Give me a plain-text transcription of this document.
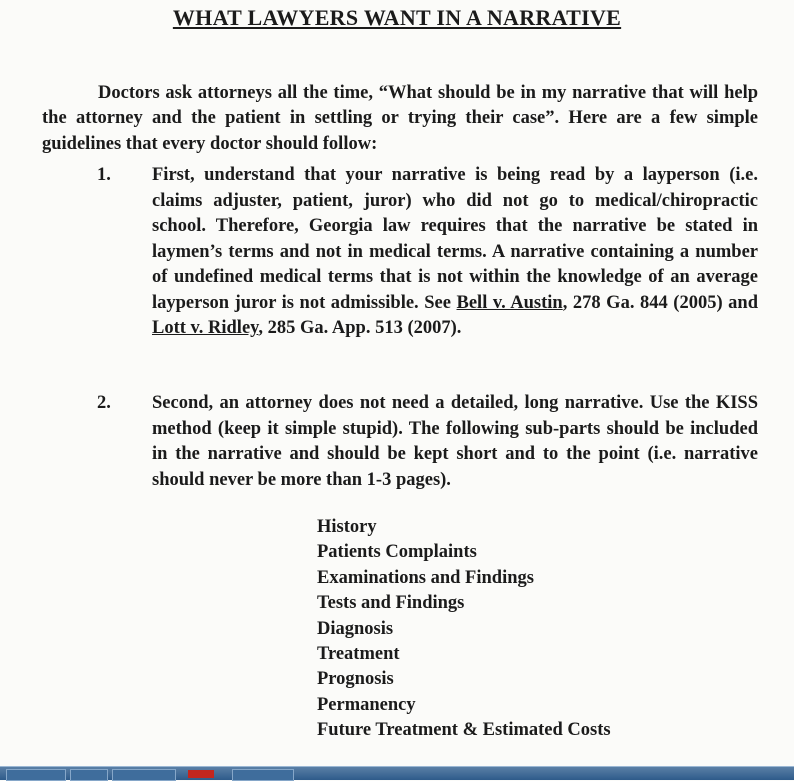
WHAT LAWYERS WANT IN A NARRATIVE

Doctors ask attorneys all the time, “What should be in my narrative that will help the attorney and the patient in settling or trying their case”. Here are a few simple guidelines that every doctor should follow:

1.	First, understand that your narrative is being read by a layperson (i.e. claims adjuster, patient, juror) who did not go to medical/chiropractic school. Therefore, Georgia law requires that the narrative be stated in laymen’s terms and not in medical terms. A narrative containing a number of undefined medical terms that is not within the knowledge of an average layperson juror is not admissible. See Bell v. Austin, 278 Ga. 844 (2005) and Lott v. Ridley, 285 Ga. App. 513 (2007).
2.	Second, an attorney does not need a detailed, long narrative. Use the KISS method (keep it simple stupid). The following sub-parts should be included in the narrative and should be kept short and to the point (i.e. narrative should never be more than 1-3 pages).
History
Patients Complaints
Examinations and Findings
Tests and Findings
Diagnosis
Treatment
Prognosis
Permanency
Future Treatment & Estimated Costs
